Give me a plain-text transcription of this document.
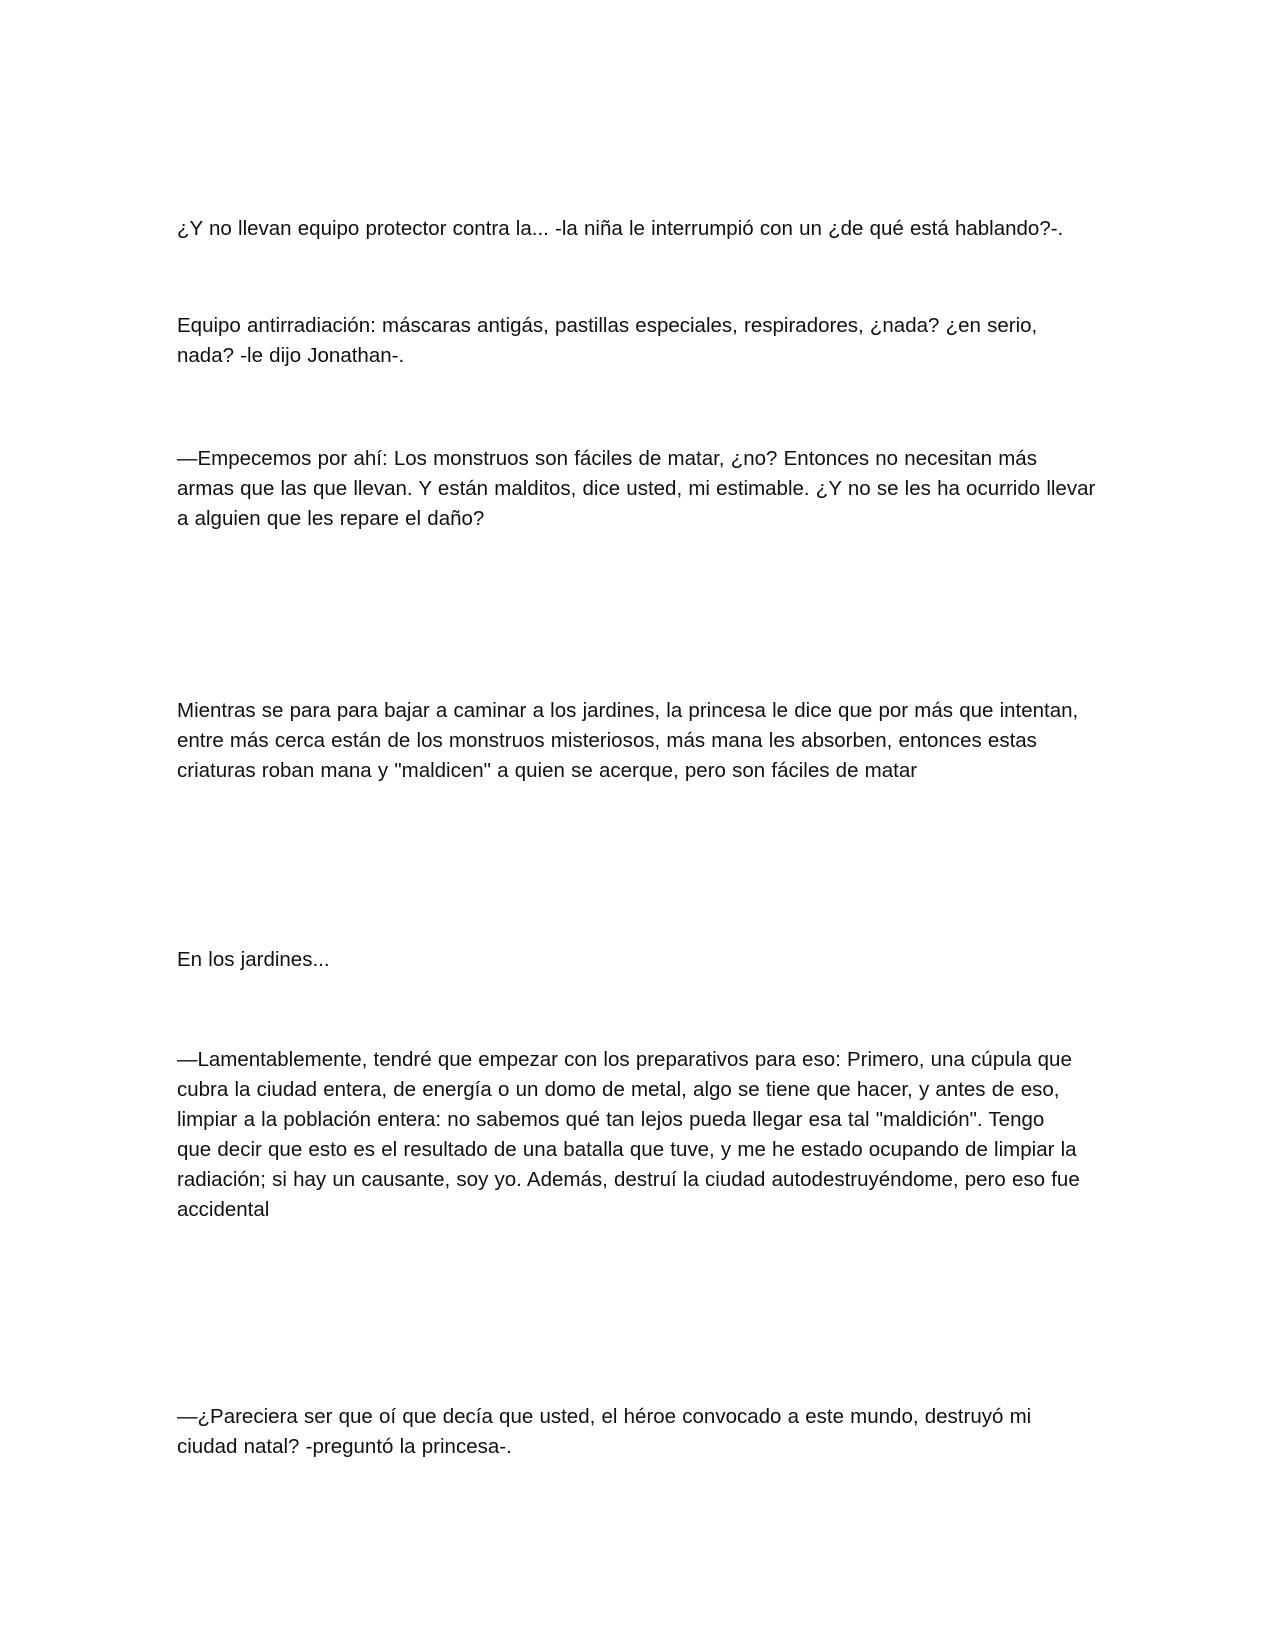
¿Y no llevan equipo protector contra la... -la niña le interrumpió con un ¿de qué está hablando?-.

Equipo antirradiación: máscaras antigás, pastillas especiales, respiradores, ¿nada? ¿en serio,
nada? -le dijo Jonathan-.

—Empecemos por ahí: Los monstruos son fáciles de matar, ¿no? Entonces no necesitan más
armas que las que llevan. Y están malditos, dice usted, mi estimable. ¿Y no se les ha ocurrido llevar
a alguien que les repare el daño?

Mientras se para para bajar a caminar a los jardines, la princesa le dice que por más que intentan,
entre más cerca están de los monstruos misteriosos, más mana les absorben, entonces estas
criaturas roban mana y "maldicen" a quien se acerque, pero son fáciles de matar

En los jardines...

—Lamentablemente, tendré que empezar con los preparativos para eso: Primero, una cúpula que
cubra la ciudad entera, de energía o un domo de metal, algo se tiene que hacer, y antes de eso,
limpiar a la población entera: no sabemos qué tan lejos pueda llegar esa tal "maldición". Tengo
que decir que esto es el resultado de una batalla que tuve, y me he estado ocupando de limpiar la
radiación; si hay un causante, soy yo. Además, destruí la ciudad autodestruyéndome, pero eso fue
accidental

—¿Pareciera ser que oí que decía que usted, el héroe convocado a este mundo, destruyó mi
ciudad natal? -preguntó la princesa-.
